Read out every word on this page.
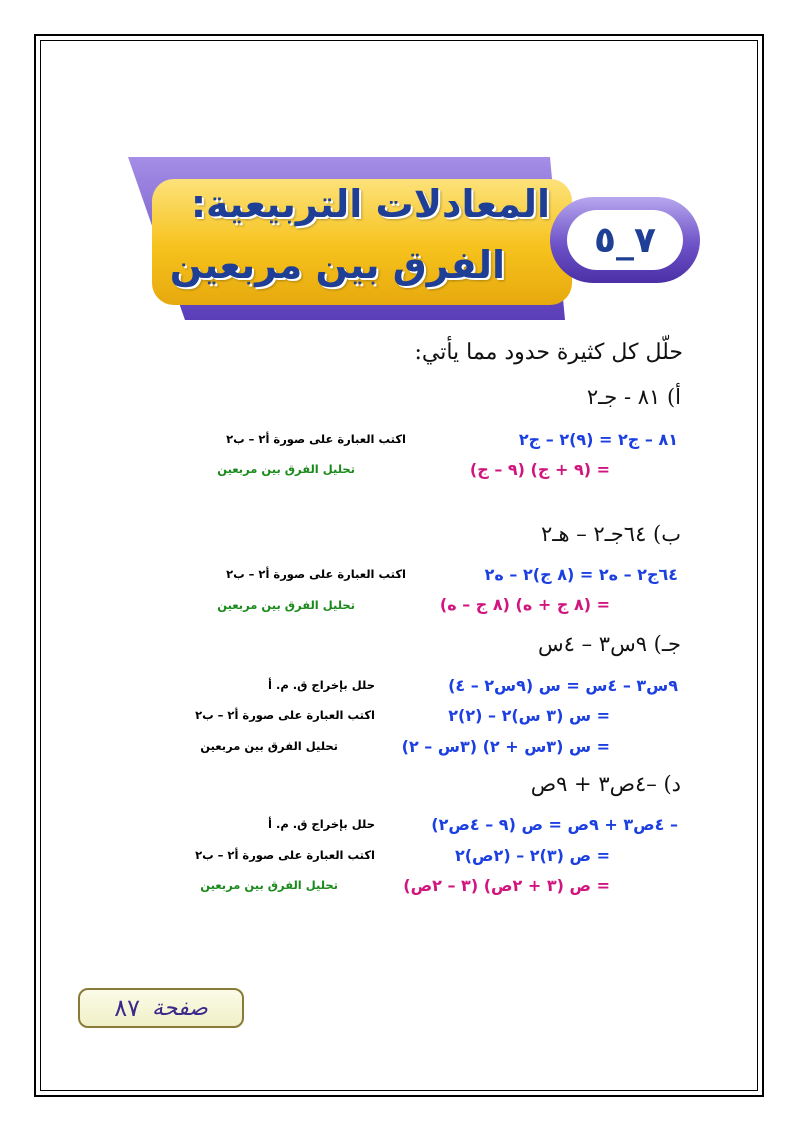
المعادلات التربيعية:
الفرق بين مربعين
٧_٥
حلّل كل كثيرة حدود مما يأتي:
أ) ٨١ - جـ٢
٨١ – ج٢ = (٩)٢ – ج٢
اكتب العبارة على صورة أ٢ – ب٢
= (٩ + ج) (٩ – ج)
تحليل الفرق بين مربعين
ب) ٦٤جـ٢ – هـ٢
٦٤ج٢ – ه٢ = (٨ ج)٢ – ه٢
اكتب العبارة على صورة أ٢ – ب٢
= (٨ ج + ه) (٨ ج – ه)
تحليل الفرق بين مربعين
جـ) ٩س٣ – ٤س
٩س٣ – ٤س = س (٩س٢ – ٤)
حلل بإخراج ق. م. أ
= س (٣ س)٢ – (٢)٢
اكتب العبارة على صورة أ٢ – ب٢
= س (٣س + ٢) (٣س – ٢)
تحليل الفرق بين مربعين
د) –٤ص٣ + ٩ص
– ٤ص٣ + ٩ص = ص (٩ – ٤ص٢)
حلل بإخراج ق. م. أ
= ص (٣)٢ – (٢ص)٢
اكتب العبارة على صورة أ٢ – ب٢
= ص (٣ + ٢ص) (٣ – ٢ص)
تحليل الفرق بين مربعين
صفحة
٨٧
